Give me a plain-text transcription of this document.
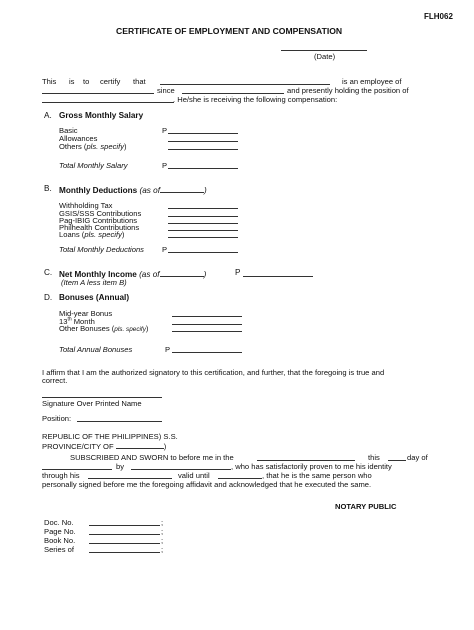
FLH062
CERTIFICATE OF EMPLOYMENT AND COMPENSATION
(Date)
This is to certify that	is an employee of
since	and presently holding the position of
. He/she is receiving the following compensation:
A. Gross Monthly Salary
Basic	P
Allowances
Others (pls. specify)
Total Monthly Salary	P
B. Monthly Deductions (as of	)
Withholding Tax
GSIS/SSS Contributions
Pag-IBIG Contributions
Philhealth Contributions
Loans (pls. specify)
Total Monthly Deductions P
C. Net Monthly Income (as of	)	P
(Item A less item B)
D. Bonuses (Annual)
Mid-year Bonus
13th Month
Other Bonuses (pls. specify)
Total Annual Bonuses	P
I affirm that I am the authorized signatory to this certification, and further, that the foregoing is true and
correct.
Signature Over Printed Name
Position:
REPUBLIC OF THE PHILIPPINES) S.S.
PROVINCE/CITY OF	)
SUBSCRIBED AND SWORN to before me in the	this	day of
by	, who has satisfactorily proven to me his identity
through his	valid until	, that he is the same person who
personally signed before me the foregoing affidavit and acknowledged that he executed the same.
NOTARY PUBLIC
Doc. No.	;
Page No.	;
Book No.	;
Series of	;
